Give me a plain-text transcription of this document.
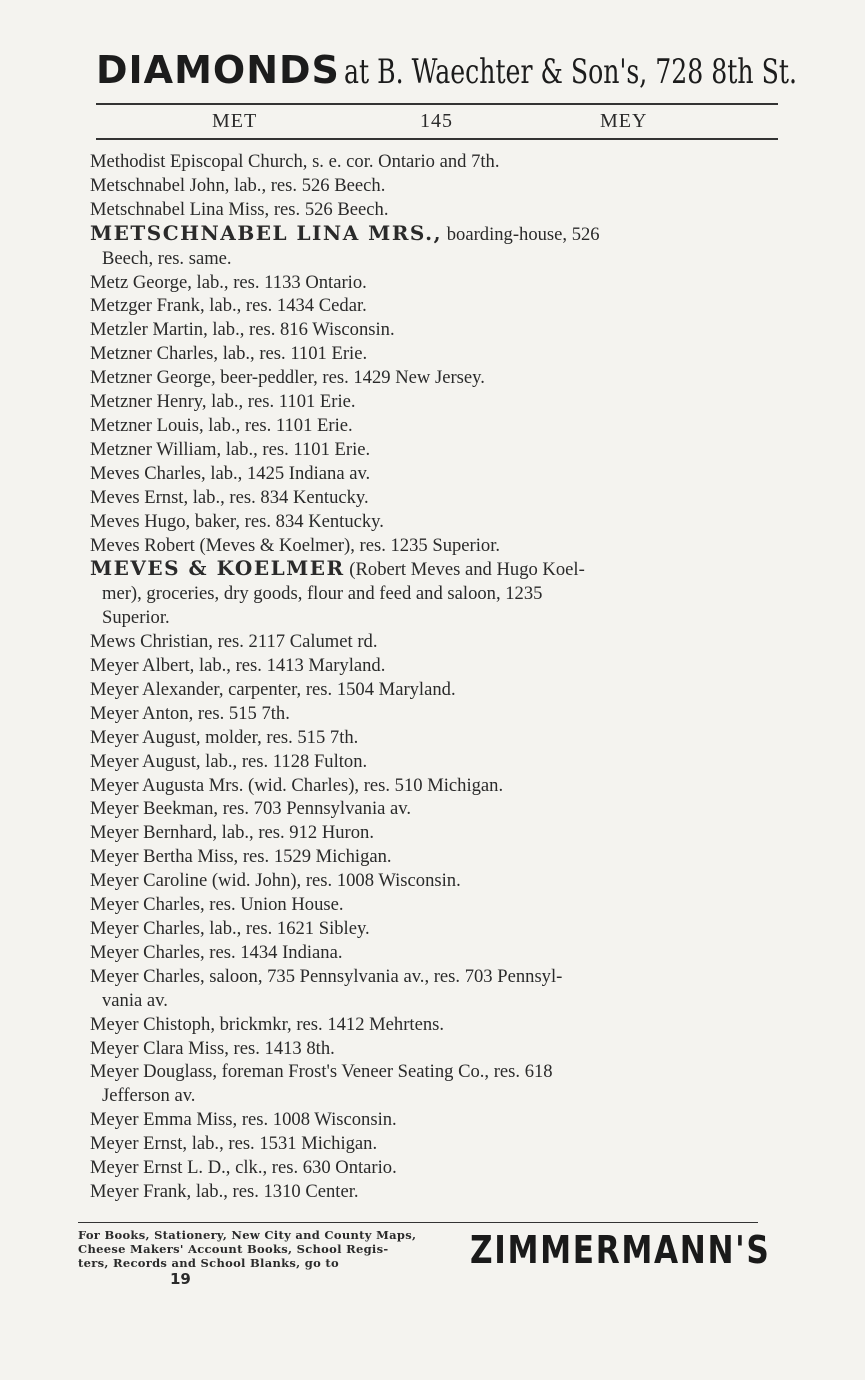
DIAMONDS at B. Waechter & Son's, 728 8th St.
MET	145	MEY
Methodist Episcopal Church, s. e. cor. Ontario and 7th.
Metschnabel John, lab., res. 526 Beech.
Metschnabel Lina Miss, res. 526 Beech.
METSCHNABEL LINA MRS., boarding-house, 526
Beech, res. same.
Metz George, lab., res. 1133 Ontario.
Metzger Frank, lab., res. 1434 Cedar.
Metzler Martin, lab., res. 816 Wisconsin.
Metzner Charles, lab., res. 1101 Erie.
Metzner George, beer-peddler, res. 1429 New Jersey.
Metzner Henry, lab., res. 1101 Erie.
Metzner Louis, lab., res. 1101 Erie.
Metzner William, lab., res. 1101 Erie.
Meves Charles, lab., 1425 Indiana av.
Meves Ernst, lab., res. 834 Kentucky.
Meves Hugo, baker, res. 834 Kentucky.
Meves Robert (Meves & Koelmer), res. 1235 Superior.
MEVES & KOELMER (Robert Meves and Hugo Koel-
mer), groceries, dry goods, flour and feed and saloon, 1235
Superior.
Mews Christian, res. 2117 Calumet rd.
Meyer Albert, lab., res. 1413 Maryland.
Meyer Alexander, carpenter, res. 1504 Maryland.
Meyer Anton, res. 515 7th.
Meyer August, molder, res. 515 7th.
Meyer August, lab., res. 1128 Fulton.
Meyer Augusta Mrs. (wid. Charles), res. 510 Michigan.
Meyer Beekman, res. 703 Pennsylvania av.
Meyer Bernhard, lab., res. 912 Huron.
Meyer Bertha Miss, res. 1529 Michigan.
Meyer Caroline (wid. John), res. 1008 Wisconsin.
Meyer Charles, res. Union House.
Meyer Charles, lab., res. 1621 Sibley.
Meyer Charles, res. 1434 Indiana.
Meyer Charles, saloon, 735 Pennsylvania av., res. 703 Pennsyl-
vania av.
Meyer Chistoph, brickmkr, res. 1412 Mehrtens.
Meyer Clara Miss, res. 1413 8th.
Meyer Douglass, foreman Frost's Veneer Seating Co., res. 618
Jefferson av.
Meyer Emma Miss, res. 1008 Wisconsin.
Meyer Ernst, lab., res. 1531 Michigan.
Meyer Ernst L. D., clk., res. 630 Ontario.
Meyer Frank, lab., res. 1310 Center.
For Books, Stationery, New City and County Maps,
Cheese Makers' Account Books, School Regis-
ters, Records and School Blanks, go to	ZIMMERMANN'S
19
